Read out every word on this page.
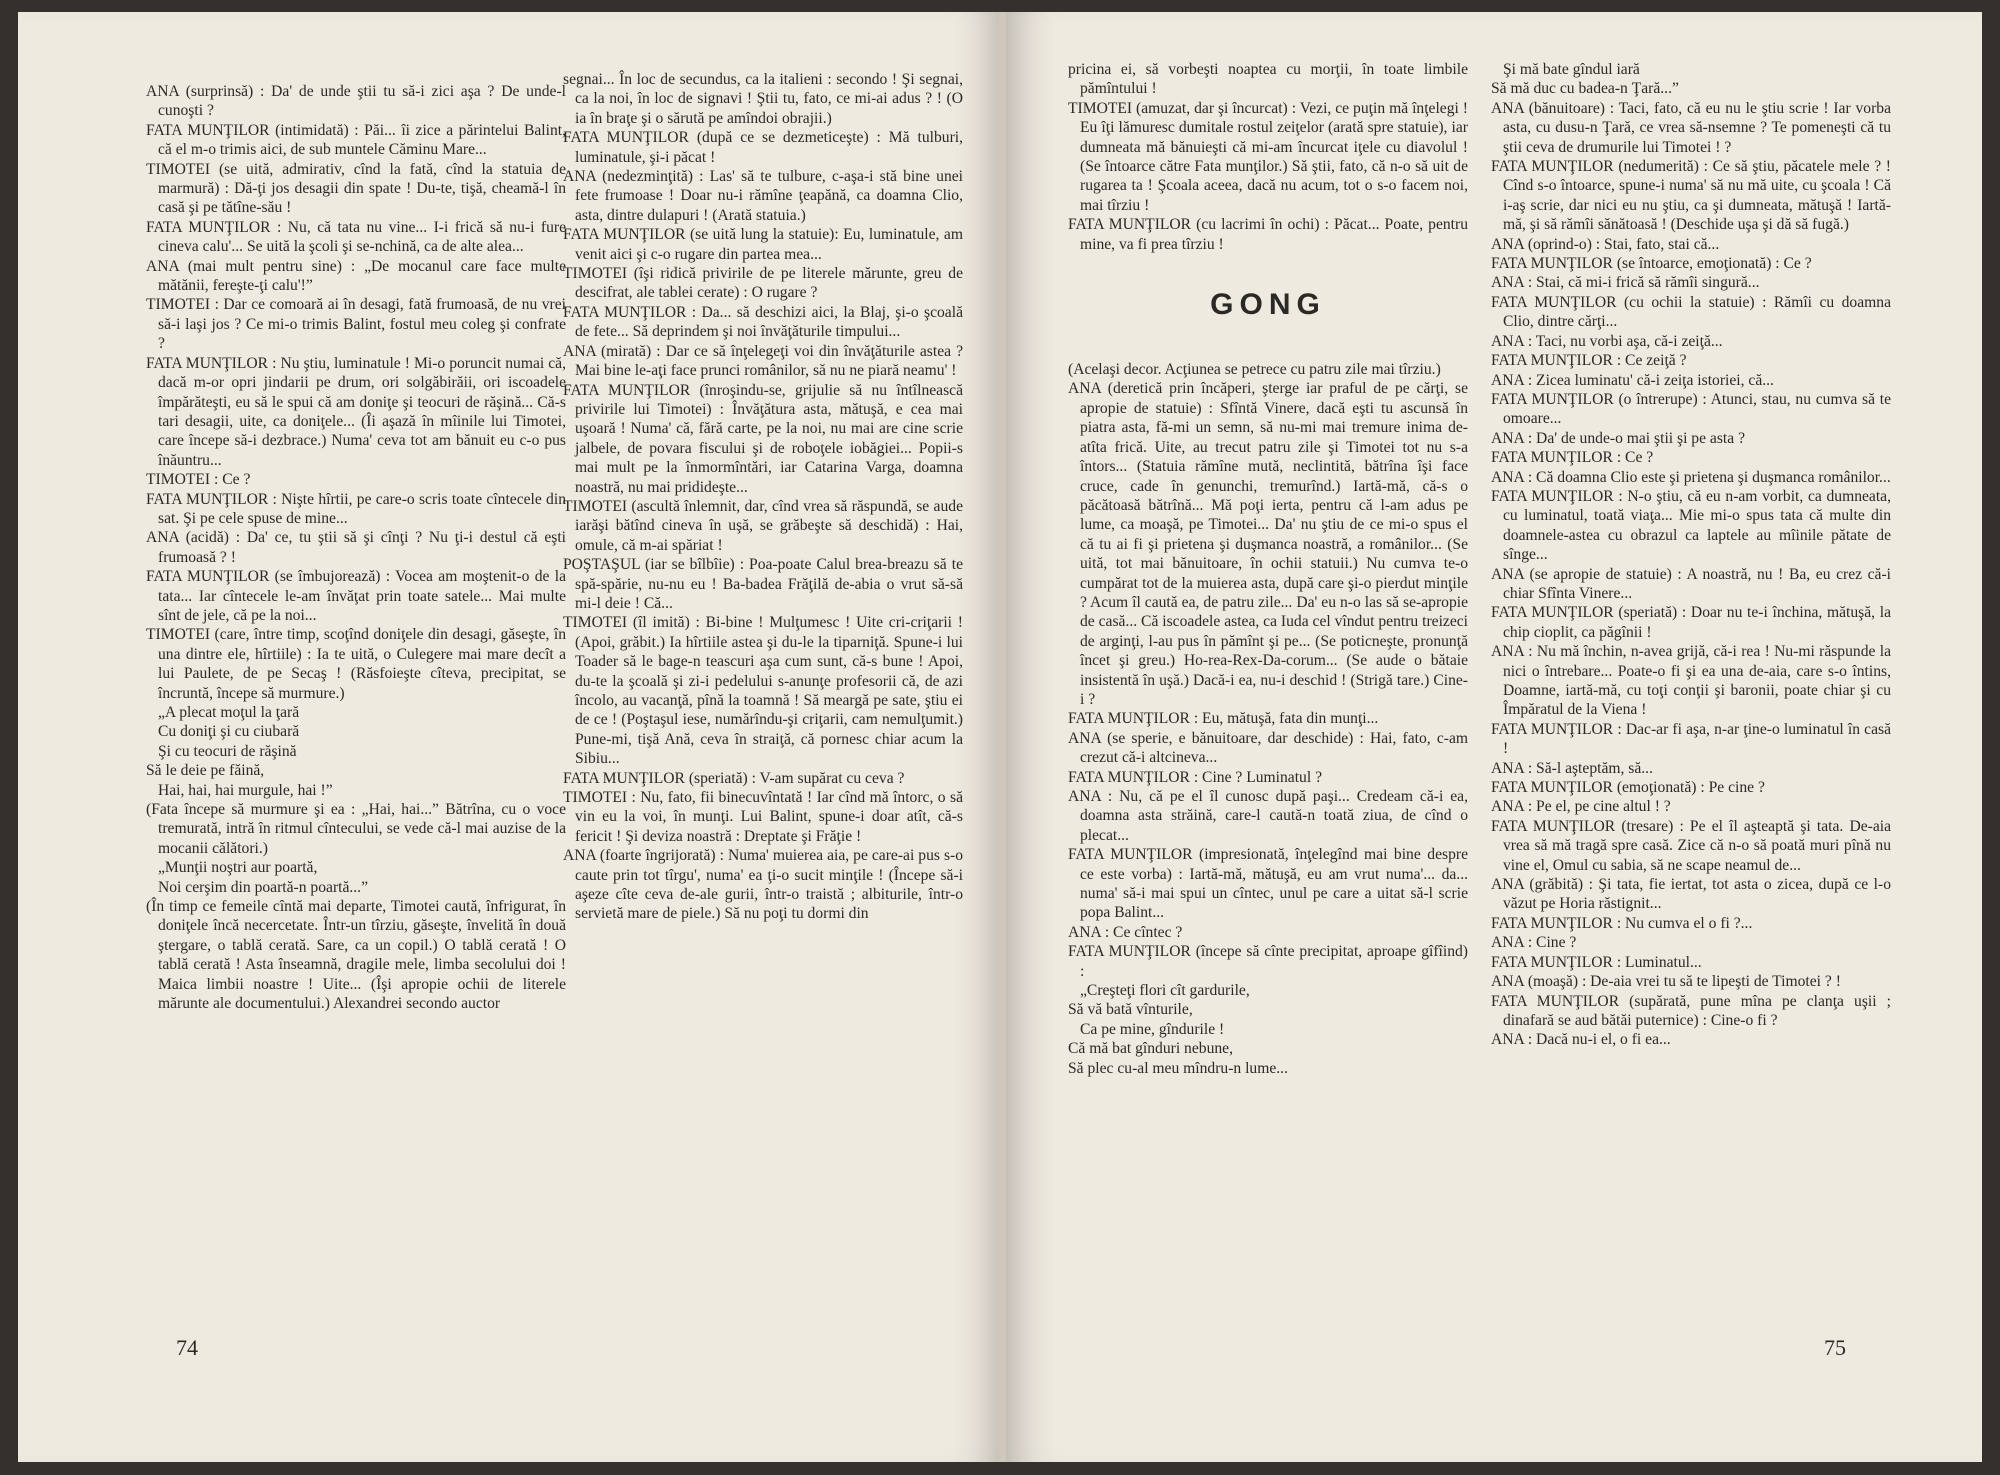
ANA (surprinsă) : Da' de unde ştii tu să-i zici aşa ? De unde-l cunoşti ?

FATA MUNŢILOR (intimidată) : Păi... îi zice a părintelui Balint, că el m-o trimis aici, de sub muntele Căminu Mare...

TIMOTEI (se uită, admirativ, cînd la fată, cînd la statuia de marmură) : Dă-ţi jos desagii din spate ! Du-te, tişă, cheamă-l în casă şi pe tătîne-său !

FATA MUNŢILOR : Nu, că tata nu vine... I-i frică să nu-i fure cineva calu'... Se uită la şcoli şi se-nchină, ca de alte alea...

ANA (mai mult pentru sine) : „De mocanul care face multe mătănii, fereşte-ţi calu'!”

TIMOTEI : Dar ce comoară ai în desagi, fată frumoasă, de nu vrei să-i laşi jos ? Ce mi-o trimis Balint, fostul meu coleg şi confrate ?

FATA MUNŢILOR : Nu ştiu, luminatule ! Mi-o poruncit numai că, dacă m-or opri jindarii pe drum, ori solgăbirăii, ori iscoadele împărăteşti, eu să le spui că am doniţe şi teocuri de răşină... Că-s tari desagii, uite, ca doniţele... (Îi aşază în mîinile lui Timotei, care începe să-i dezbrace.) Numa' ceva tot am bănuit eu c-o pus înăuntru...

TIMOTEI : Ce ?

FATA MUNŢILOR : Nişte hîrtii, pe care-o scris toate cîntecele din sat. Şi pe cele spuse de mine...

ANA (acidă) : Da' ce, tu ştii să şi cînţi ? Nu ţi-i destul că eşti frumoasă ? !

FATA MUNŢILOR (se îmbujorează) : Vocea am moştenit-o de la tata... Iar cîntecele le-am învăţat prin toate satele... Mai multe sînt de jele, că pe la noi...

TIMOTEI (care, între timp, scoţînd doniţele din desagi, găseşte, în una dintre ele, hîrtiile) : Ia te uită, o Culegere mai mare decît a lui Paulete, de pe Secaş ! (Răsfoieşte cîteva, precipitat, se încruntă, începe să murmure.)

„A plecat moţul la ţară

Cu doniţi şi cu ciubară

Şi cu teocuri de răşină

Să le deie pe făină,

Hai, hai, hai murgule, hai !”

(Fata începe să murmure şi ea : „Hai, hai...” Bătrîna, cu o voce tremurată, intră în ritmul cîntecului, se vede că-l mai auzise de la mocanii călători.)

„Munţii noştri aur poartă,

Noi cerşim din poartă-n poartă...”

(În timp ce femeile cîntă mai departe, Timotei caută, înfrigurat, în doniţele încă necercetate. Într-un tîrziu, găseşte, învelită în două ştergare, o tablă cerată. Sare, ca un copil.) O tablă cerată ! O tablă cerată ! Asta înseamnă, dragile mele, limba secolului doi ! Maica limbii noastre ! Uite... (Îşi apropie ochii de literele mărunte ale documentului.) Alexandrei secondo auctor

segnai... În loc de secundus, ca la italieni : secondo ! Şi segnai, ca la noi, în loc de signavi ! Ştii tu, fato, ce mi-ai adus ? ! (O ia în braţe şi o sărută pe amîndoi obrajii.)

FATA MUNŢILOR (după ce se dezmeticeşte) : Mă tulburi, luminatule, şi-i păcat !

ANA (nedezminţită) : Las' să te tulbure, c-aşa-i stă bine unei fete frumoase ! Doar nu-i rămîne ţeapănă, ca doamna Clio, asta, dintre dulapuri ! (Arată statuia.)

FATA MUNŢILOR (se uită lung la statuie): Eu, luminatule, am venit aici şi c-o rugare din partea mea...

TIMOTEI (îşi ridică privirile de pe literele mărunte, greu de descifrat, ale tablei cerate) : O rugare ?

FATA MUNŢILOR : Da... să deschizi aici, la Blaj, şi-o şcoală de fete... Să deprindem şi noi învăţăturile timpului...

ANA (mirată) : Dar ce să înţelegeţi voi din învăţăturile astea ? Mai bine le-aţi face prunci românilor, să nu ne piară neamu' !

FATA MUNŢILOR (înroşindu-se, grijulie să nu întîlnească privirile lui Timotei) : Învăţătura asta, mătuşă, e cea mai uşoară ! Numa' că, fără carte, pe la noi, nu mai are cine scrie jalbele, de povara fiscului şi de roboţele iobăgiei... Popii-s mai mult pe la înmormîntări, iar Catarina Varga, doamna noastră, nu mai pridideşte...

TIMOTEI (ascultă înlemnit, dar, cînd vrea să răspundă, se aude iarăşi bătînd cineva în uşă, se grăbeşte să deschidă) : Hai, omule, că m-ai spăriat !

POŞTAŞUL (iar se bîlbîie) : Poa-poate Calul brea-breazu să te spă-spărie, nu-nu eu ! Ba-badea Frăţilă de-abia o vrut să-să mi-l deie ! Că...

TIMOTEI (îl imită) : Bi-bine ! Mulţumesc ! Uite cri-criţarii ! (Apoi, grăbit.) Ia hîrtiile astea şi du-le la tiparniţă. Spune-i lui Toader să le bage-n teascuri aşa cum sunt, că-s bune ! Apoi, du-te la şcoală şi zi-i pedelului s-anunţe profesorii că, de azi încolo, au vacanţă, pînă la toamnă ! Să meargă pe sate, ştiu ei de ce ! (Poştaşul iese, numărîndu-şi criţarii, cam nemulţumit.) Pune-mi, tişă Ană, ceva în straiţă, că pornesc chiar acum la Sibiu...

FATA MUNŢILOR (speriată) : V-am supărat cu ceva ?

TIMOTEI : Nu, fato, fii binecuvîntată ! Iar cînd mă întorc, o să vin eu la voi, în munţi. Lui Balint, spune-i doar atît, că-s fericit ! Şi deviza noastră : Dreptate şi Frăţie !

ANA (foarte îngrijorată) : Numa' muierea aia, pe care-ai pus s-o caute prin tot tîrgu', numa' ea ţi-o sucit minţile ! (Începe să-i aşeze cîte ceva de-ale gurii, într-o traistă ; albiturile, într-o servietă mare de piele.) Să nu poţi tu dormi din

74

pricina ei, să vorbeşti noaptea cu morţii, în toate limbile pămîntului !

TIMOTEI (amuzat, dar şi încurcat) : Vezi, ce puţin mă înţelegi ! Eu îţi lămuresc dumitale rostul zeiţelor (arată spre statuie), iar dumneata mă bănuieşti că mi-am încurcat iţele cu diavolul ! (Se întoarce către Fata munţilor.) Să ştii, fato, că n-o să uit de rugarea ta ! Şcoala aceea, dacă nu acum, tot o s-o facem noi, mai tîrziu !

FATA MUNŢILOR (cu lacrimi în ochi) : Păcat... Poate, pentru mine, va fi prea tîrziu !

GONG

(Acelaşi decor. Acţiunea se petrece cu patru zile mai tîrziu.)

ANA (deretică prin încăperi, şterge iar praful de pe cărţi, se apropie de statuie) : Sfîntă Vinere, dacă eşti tu ascunsă în piatra asta, fă-mi un semn, să nu-mi mai tremure inima de-atîta frică. Uite, au trecut patru zile şi Timotei tot nu s-a întors... (Statuia rămîne mută, neclintită, bătrîna îşi face cruce, cade în genunchi, tremurînd.) Iartă-mă, că-s o păcătoasă bătrînă... Mă poţi ierta, pentru că l-am adus pe lume, ca moaşă, pe Timotei... Da' nu ştiu de ce mi-o spus el că tu ai fi şi prietena şi duşmanca noastră, a românilor... (Se uită, tot mai bănuitoare, în ochii statuii.) Nu cumva te-o cumpărat tot de la muierea asta, după care şi-o pierdut minţile ? Acum îl caută ea, de patru zile... Da' eu n-o las să se-apropie de casă... Că iscoadele astea, ca Iuda cel vîndut pentru treizeci de arginţi, l-au pus în pămînt şi pe... (Se poticneşte, pronunţă încet şi greu.) Ho-rea-Rex-Da-corum... (Se aude o bătaie insistentă în uşă.) Dacă-i ea, nu-i deschid ! (Strigă tare.) Cine-i ?

FATA MUNŢILOR : Eu, mătuşă, fata din munţi...

ANA (se sperie, e bănuitoare, dar deschide) : Hai, fato, c-am crezut că-i altcineva...

FATA MUNŢILOR : Cine ? Luminatul ?

ANA : Nu, că pe el îl cunosc după paşi... Credeam că-i ea, doamna asta străină, care-l caută-n toată ziua, de cînd o plecat...

FATA MUNŢILOR (impresionată, înţelegînd mai bine despre ce este vorba) : Iartă-mă, mătuşă, eu am vrut numa'... da... numa' să-i mai spui un cîntec, unul pe care a uitat să-l scrie popa Balint...

ANA : Ce cîntec ?

FATA MUNŢILOR (începe să cînte precipitat, aproape gîfîind) :

„Creşteţi flori cît gardurile,

Să vă bată vînturile,

Ca pe mine, gîndurile !

Că mă bat gînduri nebune,

Să plec cu-al meu mîndru-n lume...

Şi mă bate gîndul iară

Să mă duc cu badea-n Ţară...”

ANA (bănuitoare) : Taci, fato, că eu nu le ştiu scrie ! Iar vorba asta, cu dusu-n Ţară, ce vrea să-nsemne ? Te pomeneşti că tu ştii ceva de drumurile lui Timotei ! ?

FATA MUNŢILOR (nedumerită) : Ce să ştiu, păcatele mele ? ! Cînd s-o întoarce, spune-i numa' să nu mă uite, cu şcoala ! Că i-aş scrie, dar nici eu nu ştiu, ca şi dumneata, mătuşă ! Iartă-mă, şi să rămîi sănătoasă ! (Deschide uşa şi dă să fugă.)

ANA (oprind-o) : Stai, fato, stai că...

FATA MUNŢILOR (se întoarce, emoţionată) : Ce ?

ANA : Stai, că mi-i frică să rămîi singură...

FATA MUNŢILOR (cu ochii la statuie) : Rămîi cu doamna Clio, dintre cărţi...

ANA : Taci, nu vorbi aşa, că-i zeiţă...

FATA MUNŢILOR : Ce zeiţă ?

ANA : Zicea luminatu' că-i zeiţa istoriei, că...

FATA MUNŢILOR (o întrerupe) : Atunci, stau, nu cumva să te omoare...

ANA : Da' de unde-o mai ştii şi pe asta ?

FATA MUNŢILOR : Ce ?

ANA : Că doamna Clio este şi prietena şi duşmanca românilor...

FATA MUNŢILOR : N-o ştiu, că eu n-am vorbit, ca dumneata, cu luminatul, toată viaţa... Mie mi-o spus tata că multe din doamnele-astea cu obrazul ca laptele au mîinile pătate de sînge...

ANA (se apropie de statuie) : A noastră, nu ! Ba, eu crez că-i chiar Sfînta Vinere...

FATA MUNŢILOR (speriată) : Doar nu te-i închina, mătuşă, la chip cioplit, ca păgînii !

ANA : Nu mă închin, n-avea grijă, că-i rea ! Nu-mi răspunde la nici o întrebare... Poate-o fi şi ea una de-aia, care s-o întins, Doamne, iartă-mă, cu toţi conţii şi baronii, poate chiar şi cu Împăratul de la Viena !

FATA MUNŢILOR : Dac-ar fi aşa, n-ar ţine-o luminatul în casă !

ANA : Să-l aşteptăm, să...

FATA MUNŢILOR (emoţionată) : Pe cine ?

ANA : Pe el, pe cine altul ! ?

FATA MUNŢILOR (tresare) : Pe el îl aşteaptă şi tata. De-aia vrea să mă tragă spre casă. Zice că n-o să poată muri pînă nu vine el, Omul cu sabia, să ne scape neamul de...

ANA (grăbită) : Şi tata, fie iertat, tot asta o zicea, după ce l-o văzut pe Horia răstignit...

FATA MUNŢILOR : Nu cumva el o fi ?...

ANA : Cine ?

FATA MUNŢILOR : Luminatul...

ANA (moaşă) : De-aia vrei tu să te lipeşti de Timotei ? !

FATA MUNŢILOR (supărată, pune mîna pe clanţa uşii ; dinafară se aud bătăi puternice) : Cine-o fi ?

ANA : Dacă nu-i el, o fi ea...

75
